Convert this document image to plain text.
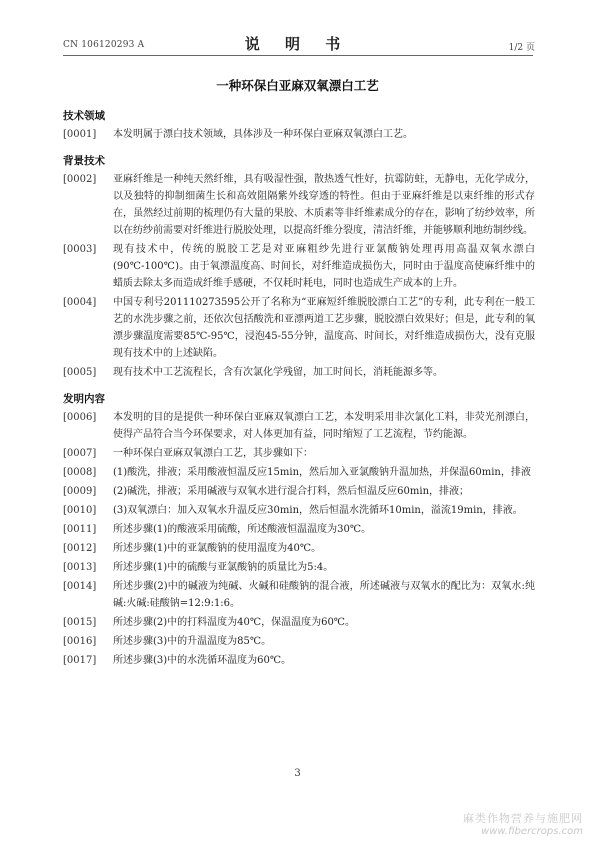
CN 106120293 A	说 明 书	1/2 页
一种环保白亚麻双氧漂白工艺
技术领域
[0001]	本发明属于漂白技术领域，具体涉及一种环保白亚麻双氧漂白工艺。
背景技术
[0002]	亚麻纤维是一种纯天然纤维，具有吸湿性强，散热透气性好，抗霉防蛀，无静电，无化学成分，以及独特的抑制细菌生长和高效阻隔紫外线穿透的特性。但由于亚麻纤维是以束纤维的形式存在，虽然经过前期的梳理仍有大量的果胶、木质素等非纤维素成分的存在，影响了纺纱效率，所以在纺纱前需要对纤维进行脱胶处理，以提高纤维分裂度，清洁纤维，并能够顺利地纺制纱线。
[0003]	现有技术中，传统的脱胶工艺是对亚麻粗纱先进行亚氯酸钠处理再用高温双氧水漂白(90℃-100℃)。由于氧漂温度高、时间长，对纤维造成损伤大，同时由于温度高使麻纤维中的蜡质去除太多而造成纤维手感硬，不仅耗时耗电，同时也造成生产成本的上升。
[0004]	中国专利号201110273595公开了名称为“亚麻短纤维脱胶漂白工艺”的专利，此专利在一般工艺的水洗步骤之前，还依次包括酸洗和亚漂两道工艺步骤，脱胶漂白效果好；但是，此专利的氧漂步骤温度需要85℃-95℃，浸泡45-55分钟，温度高、时间长，对纤维造成损伤大，没有克服现有技术中的上述缺陷。
[0005]	现有技术中工艺流程长，含有次氯化学残留，加工时间长，消耗能源多等。
发明内容
[0006]	本发明的目的是提供一种环保白亚麻双氧漂白工艺，本发明采用非次氯化工料，非荧光剂漂白，使得产品符合当今环保要求，对人体更加有益，同时缩短了工艺流程，节约能源。
[0007]	一种环保白亚麻双氧漂白工艺，其步骤如下：
[0008]	(1)酸洗，排液；采用酸液恒温反应15min，然后加入亚氯酸钠升温加热，并保温60min，排液
[0009]	(2)碱洗，排液；采用碱液与双氧水进行混合打料，然后恒温反应60min，排液；
[0010]	(3)双氧漂白：加入双氧水升温反应30min，然后恒温水洗循环10min，溢流19min，排液。
[0011]	所述步骤(1)的酸液采用硫酸，所述酸液恒温温度为30℃。
[0012]	所述步骤(1)中的亚氯酸钠的使用温度为40℃。
[0013]	所述步骤(1)中的硫酸与亚氯酸钠的质量比为5:4。
[0014]	所述步骤(2)中的碱液为纯碱、火碱和硅酸钠的混合液，所述碱液与双氧水的配比为：双氧水:纯碱:火碱:硅酸钠=12:9:1:6。
[0015]	所述步骤(2)中的打料温度为40℃，保温温度为60℃。
[0016]	所述步骤(3)中的升温温度为85℃。
[0017]	所述步骤(3)中的水洗循环温度为60℃。
3
麻类作物营养与施肥网
www.fibercrops.com
